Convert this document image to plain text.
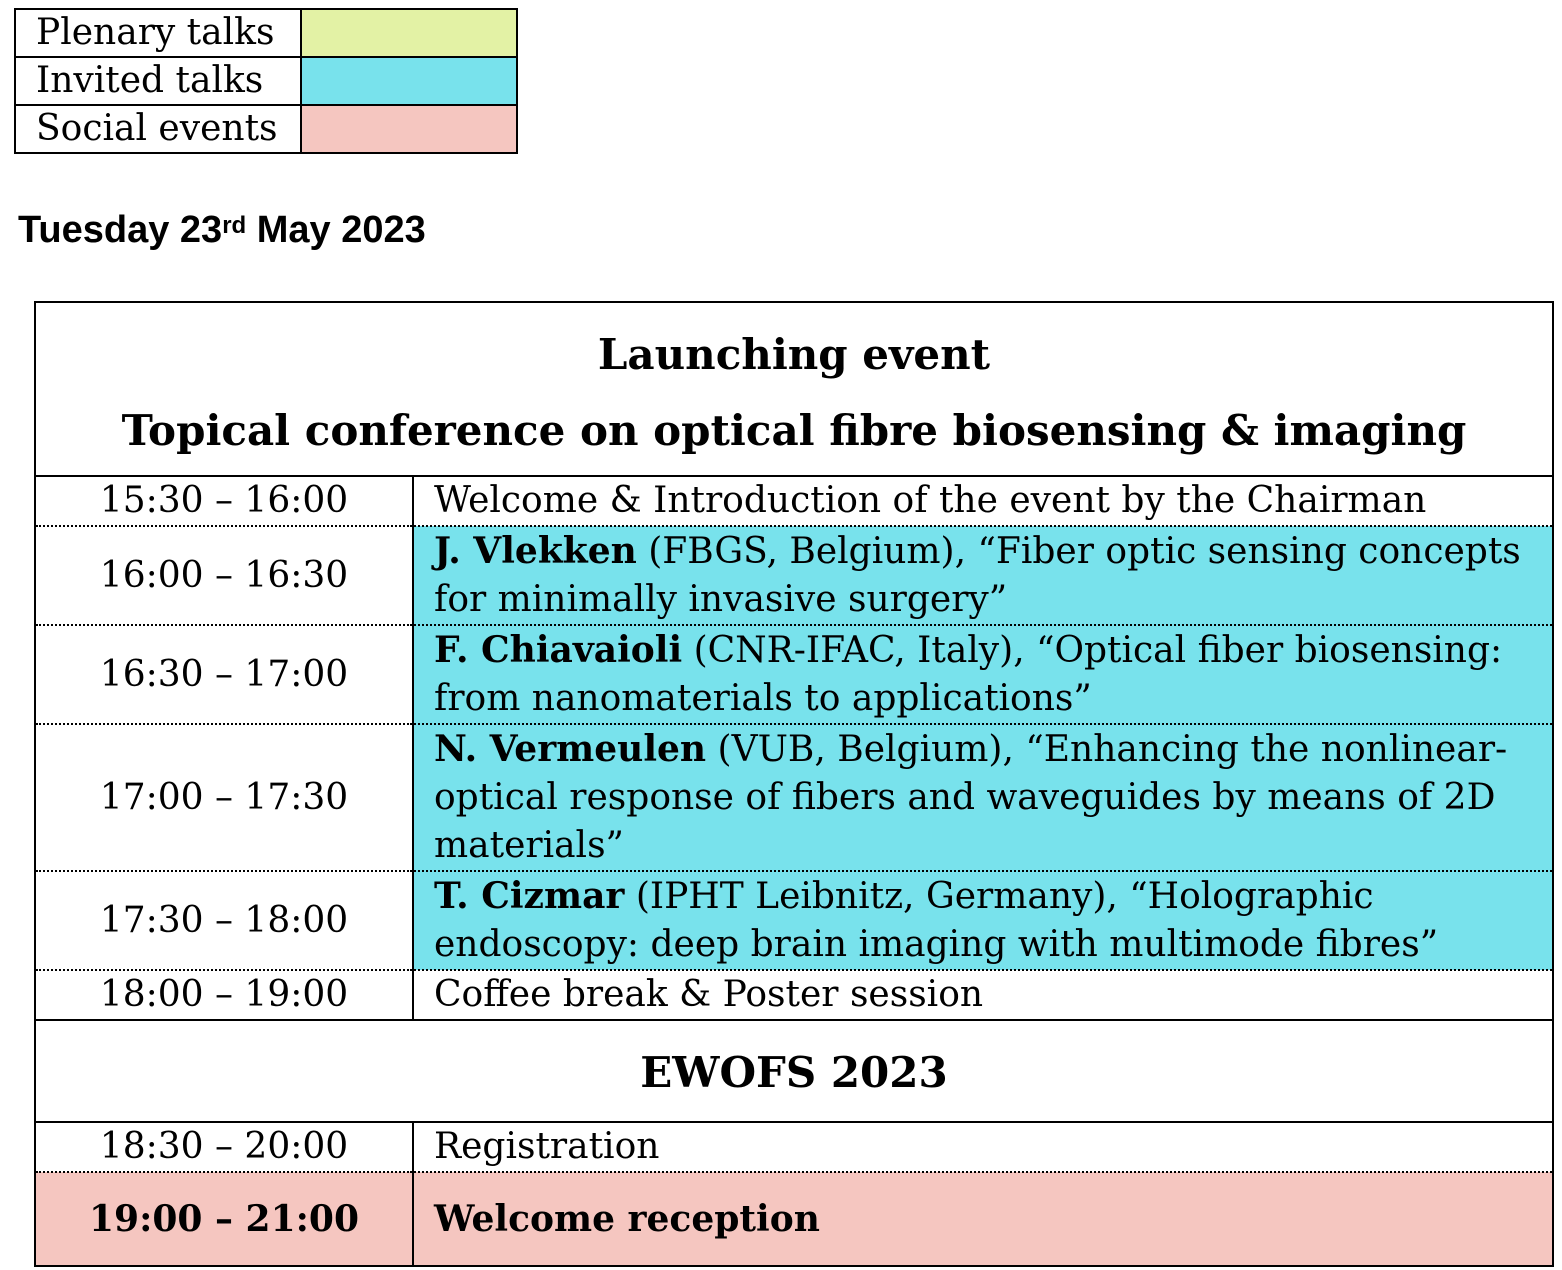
Plenary talks	
Invited talks	
Social events	
Tuesday 23rd May 2023
Launching event
Topical conference on optical fibre biosensing & imaging	

15:30 – 16:00	Welcome & Introduction of the event by the Chairman
16:00 – 16:30	J. Vlekken (FBGS, Belgium), “Fiber optic sensing concepts for minimally invasive surgery”
16:30 – 17:00	F. Chiavaioli (CNR-IFAC, Italy), “Optical fiber biosensing: from nanomaterials to applications”
17:00 – 17:30	N. Vermeulen (VUB, Belgium), “Enhancing the nonlinear-optical response of fibers and waveguides by means of 2D materials”
17:30 – 18:00	T. Cizmar (IPHT Leibnitz, Germany), “Holographic endoscopy: deep brain imaging with multimode fibres”
18:00 – 19:00	Coffee break & Poster session

EWOFS 2023	

18:30 – 20:00	Registration
19:00 – 21:00	Welcome reception
